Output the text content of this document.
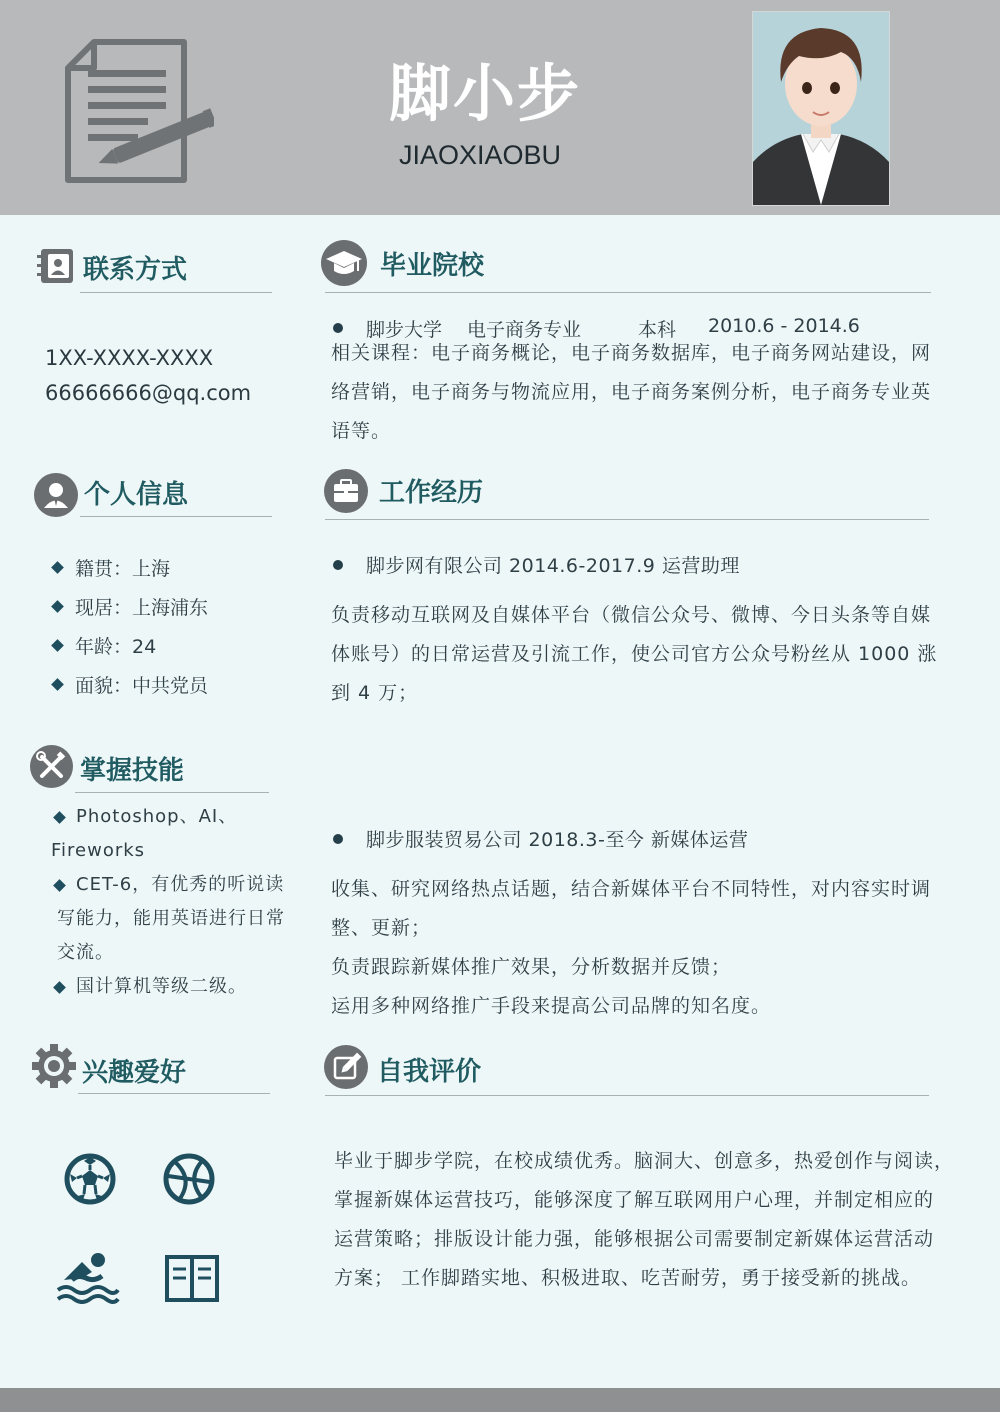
脚小步
JIAOXIAOBU
联系方式
1XX-XXXX-XXXX
66666666@qq.com
个人信息
籍贯：上海
现居：上海浦东
年龄：24
面貌：中共党员
掌握技能
Photoshop、AI、
Fireworks
CET-6，有优秀的听说读
写能力，能用英语进行日常
交流。
国计算机等级二级。
兴趣爱好
毕业院校
脚步大学 电子商务专业	本科 2010.6 - 2014.6
相关课程：电子商务概论，电子商务数据库，电子商务网站建设，网
络营销，电子商务与物流应用，电子商务案例分析，电子商务专业英
语等。
工作经历
脚步网有限公司 2014.6-2017.9 运营助理
负责移动互联网及自媒体平台（微信公众号、微博、今日头条等自媒
体账号）的日常运营及引流工作，使公司官方公众号粉丝从 1000 涨
到 4 万；
脚步服装贸易公司 2018.3-至今 新媒体运营
收集、研究网络热点话题，结合新媒体平台不同特性，对内容实时调
整、更新；
负责跟踪新媒体推广效果，分析数据并反馈；
运用多种网络推广手段来提高公司品牌的知名度。
自我评价
毕业于脚步学院，在校成绩优秀。脑洞大、创意多，热爱创作与阅读，
掌握新媒体运营技巧，能够深度了解互联网用户心理，并制定相应的
运营策略；排版设计能力强，能够根据公司需要制定新媒体运营活动
方案； 工作脚踏实地、积极进取、吃苦耐劳，勇于接受新的挑战。
